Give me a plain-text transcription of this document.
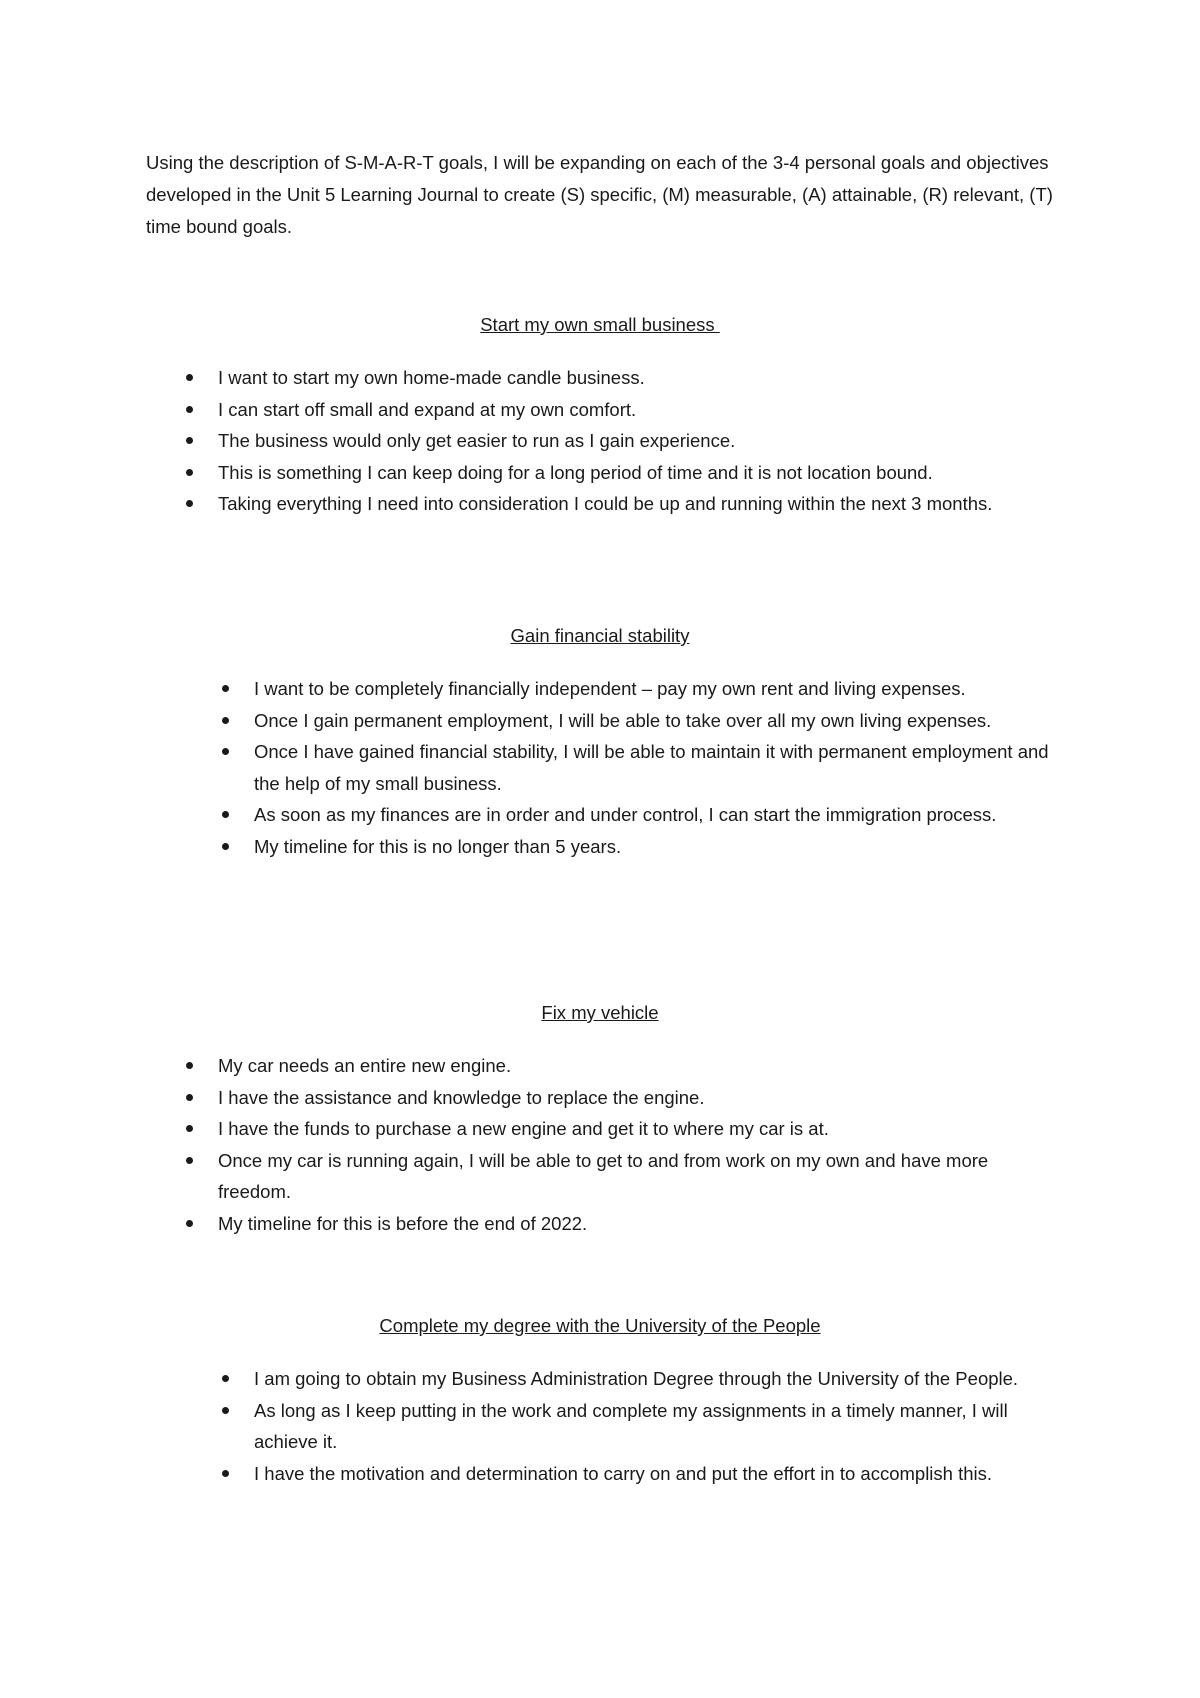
Using the description of S-M-A-R-T goals, I will be expanding on each of the 3-4 personal goals and objectives developed in the Unit 5 Learning Journal to create (S) specific, (M) measurable, (A) attainable, (R) relevant, (T) time bound goals.

Start my own small business
I want to start my own home-made candle business.
I can start off small and expand at my own comfort.
The business would only get easier to run as I gain experience.
This is something I can keep doing for a long period of time and it is not location bound.
Taking everything I need into consideration I could be up and running within the next 3 months.
Gain financial stability
I want to be completely financially independent – pay my own rent and living expenses.
Once I gain permanent employment, I will be able to take over all my own living expenses.
Once I have gained financial stability, I will be able to maintain it with permanent employment and the help of my small business.
As soon as my finances are in order and under control, I can start the immigration process.
My timeline for this is no longer than 5 years.
Fix my vehicle
My car needs an entire new engine.
I have the assistance and knowledge to replace the engine.
I have the funds to purchase a new engine and get it to where my car is at.
Once my car is running again, I will be able to get to and from work on my own and have more freedom.
My timeline for this is before the end of 2022.
Complete my degree with the University of the People
I am going to obtain my Business Administration Degree through the University of the People.
As long as I keep putting in the work and complete my assignments in a timely manner, I will achieve it.
I have the motivation and determination to carry on and put the effort in to accomplish this.
